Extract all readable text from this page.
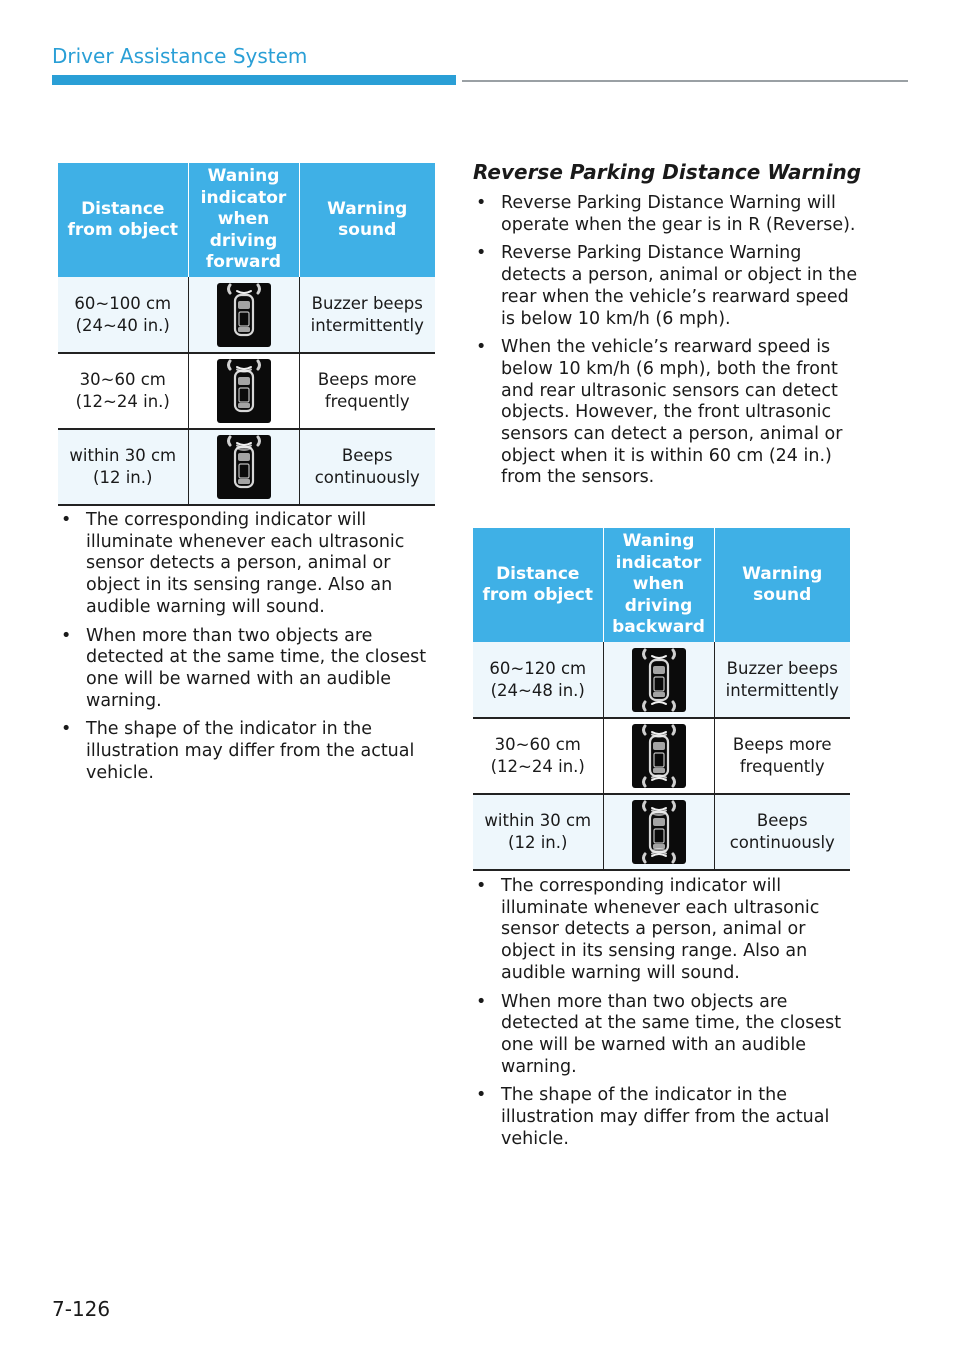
Driver Assistance System
Distance from object	Waning indicator when driving forward	Warning sound

60~100 cm
(24~40 in.)		Buzzer beeps intermittently

30~60 cm
(12~24 in.)		Beeps more frequently

within 30 cm
(12 in.)		Beeps continuously
• The corresponding indicator will illuminate whenever each ultrasonic sensor detects a person, animal or object in its sensing range. Also an audible warning will sound.
• When more than two objects are detected at the same time, the closest one will be warned with an audible warning.
• The shape of the indicator in the illustration may differ from the actual vehicle.
Reverse Parking Distance Warning
• Reverse Parking Distance Warning will operate when the gear is in R (Reverse).
• Reverse Parking Distance Warning detects a person, animal or object in the rear when the vehicle’s rearward speed is below 10 km/h (6 mph).
• When the vehicle’s rearward speed is below 10 km/h (6 mph), both the front and rear ultrasonic sensors can detect objects. However, the front ultrasonic sensors can detect a person, animal or object when it is within 60 cm (24 in.) from the sensors.
Distance from object	Waning indicator when driving backward	Warning sound

60~120 cm
(24~48 in.)		Buzzer beeps intermittently

30~60 cm
(12~24 in.)		Beeps more frequently

within 30 cm
(12 in.)		Beeps continuously
• The corresponding indicator will illuminate whenever each ultrasonic sensor detects a person, animal or object in its sensing range. Also an audible warning will sound.
• When more than two objects are detected at the same time, the closest one will be warned with an audible warning.
• The shape of the indicator in the illustration may differ from the actual vehicle.
7-126
